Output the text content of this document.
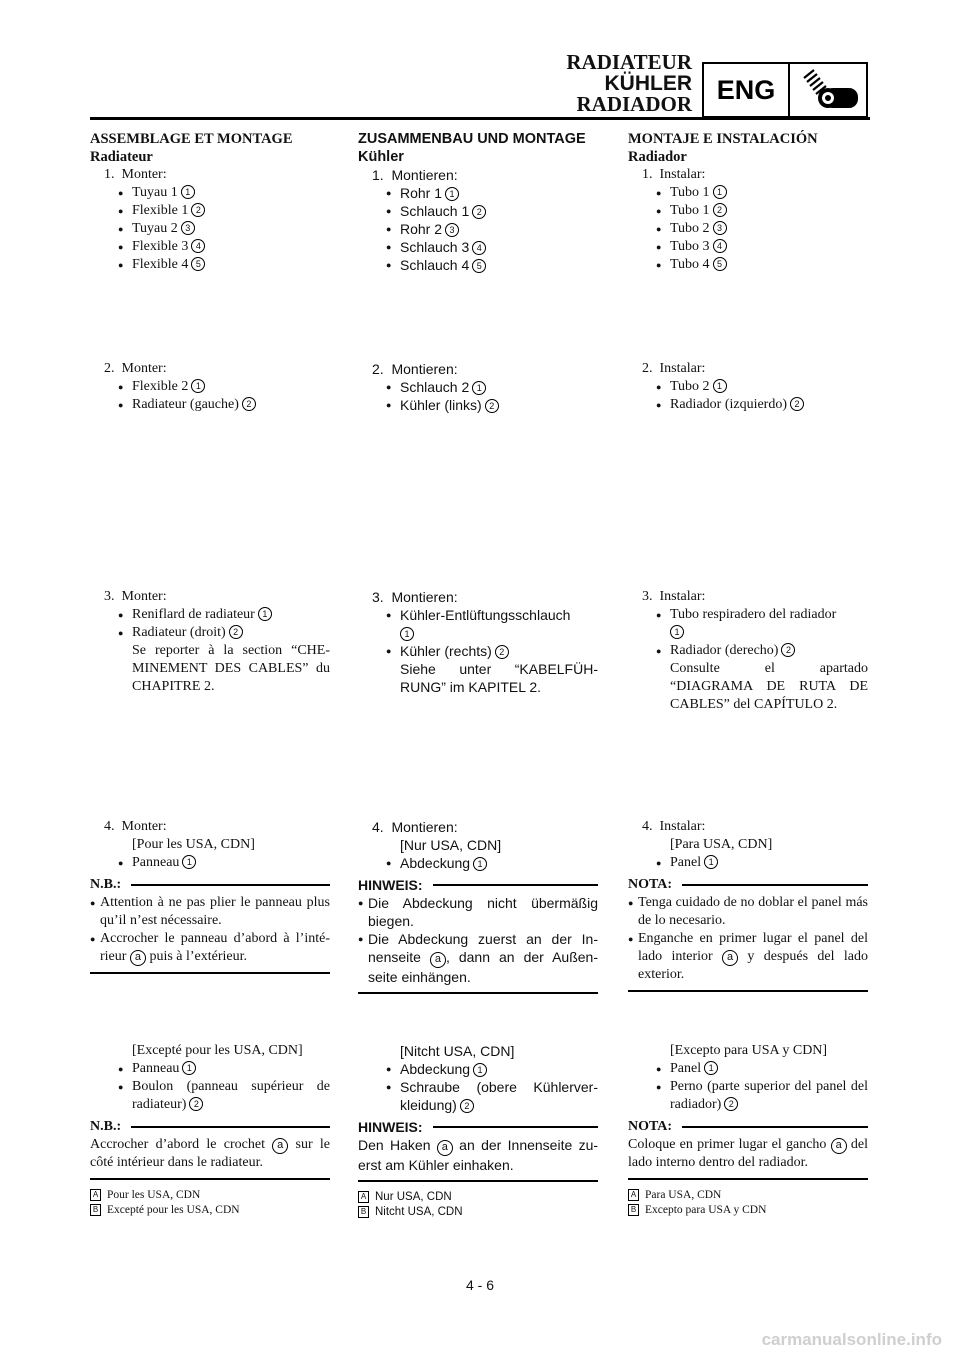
RADIATEUR
KÜHLER
RADIADOR ENG
ASSEMBLAGE ET MONTAGE
Radiateur
1. Monter:
● Tuyau 1 1
● Flexible 1 2
● Tuyau 2 3
● Flexible 3 4
● Flexible 4 5
2. Monter:
● Flexible 2 1
● Radiateur (gauche) 2
3. Monter:
● Reniflard de radiateur 1
● Radiateur (droit) 2
Se reporter à la section “CHE-MINEMENT DES CABLES” du CHAPITRE 2.
4. Monter:
[Pour les USA, CDN]
● Panneau 1
N.B.:
● Attention à ne pas plier le panneau plus qu’il n’est nécessaire.
● Accrocher le panneau d’abord à l’inté-rieur a puis à l’extérieur.
[Excepté pour les USA, CDN]
● Panneau 1
● Boulon (panneau supérieur de radiateur) 2
N.B.:
Accrocher d’abord le crochet a sur le côté intérieur dans le radiateur.
A Pour les USA, CDN
B Excepté pour les USA, CDN
ZUSAMMENBAU UND MONTAGE
Kühler
1. Montieren:
● Rohr 1 1
● Schlauch 1 2
● Rohr 2 3
● Schlauch 3 4
● Schlauch 4 5
2. Montieren:
● Schlauch 2 1
● Kühler (links) 2
3. Montieren:
● Kühler-Entlüftungsschlauch
1
● Kühler (rechts) 2
Siehe unter “KABELFÜH-RUNG” im KAPITEL 2.
4. Montieren:
[Nur USA, CDN]
● Abdeckung 1
HINWEIS:
● Die Abdeckung nicht übermäßig biegen.
● Die Abdeckung zuerst an der In-nenseite a , dann an der Außen-seite einhängen.
[Nitcht USA, CDN]
● Abdeckung 1
● Schraube (obere Kühlerver-kleidung) 2
HINWEIS:
Den Haken a an der Innenseite zu-erst am Kühler einhaken.
A Nur USA, CDN
B Nitcht USA, CDN
MONTAJE E INSTALACIÓN
Radiador
1. Instalar:
● Tubo 1 1
● Tubo 1 2
● Tubo 2 3
● Tubo 3 4
● Tubo 4 5
2. Instalar:
● Tubo 2 1
● Radiador (izquierdo) 2
3. Instalar:
● Tubo respiradero del radiador
1
● Radiador (derecho) 2
Consulte el apartado “DIAGRAMA DE RUTA DE CABLES” del CAPÍTULO 2.
4. Instalar:
[Para USA, CDN]
● Panel 1
NOTA:
● Tenga cuidado de no doblar el panel más de lo necesario.
● Enganche en primer lugar el panel del lado interior a y después del lado exterior.
[Excepto para USA y CDN]
● Panel 1
● Perno (parte superior del panel del radiador) 2
NOTA:
Coloque en primer lugar el gancho a del lado interno dentro del radiador.
A Para USA, CDN
B Excepto para USA y CDN
4 - 6
carmanualsonline.info
